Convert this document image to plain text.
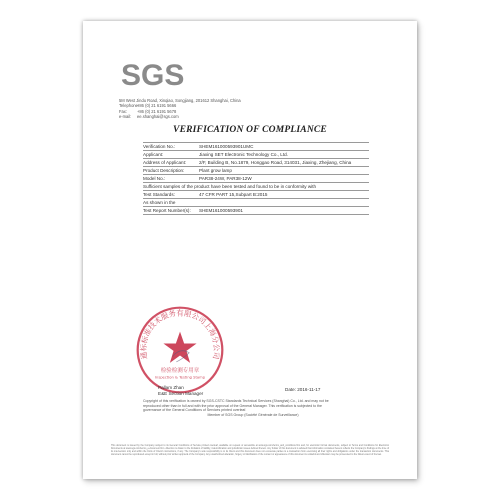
SGS
5M West Jindu Road, Xinqiao, Songjiang, 201612 Shanghai, China
Telephone:+86 (0) 21 6191 5666
Fax: +86 (0) 21 6191 5678
e-mail: ee.shanghai@sgs.com
VERIFICATION OF COMPLIANCE
Verification No.:	SHEM161000593901UMC
Applicant:	Jiaxing SET Electronic Technology Co., Ltd.
Address of Applicant:	2/F, Building B, No.1879, Honggao Road, 314031, Jiaxing, Zhejiang, China
Product Description:	Plant grow lamp
Model No.:	PAR38-24W, PAR38-12W
Sufficient samples of the product have been tested and found to be in conformity with
Test Standards:	47 CFR PART 15,Subpart B:2015
As shown in the
Test Report Number(s): SHEM161000593901
通标标准技术服务有限公司上海分公司
检验检测专用章
Inspection & Testing Stamp
Pallam Zhan
E&E Section Manager
Date: 2016-11-17
Copyright of this verification is owned by SGS-CSTC Standards Technical Services (Shanghai) Co., Ltd. and may not be
reproduced other than in full and with the prior approval of the General Manager. This verification is subjected to the
governance of the General Conditions of Services printed overleaf.
Member of SGS Group (Société Générale de Surveillance)
This document is issued by the Company subject to its General Conditions of Service printed overleaf, available on request or accessible at www.sgs.com/terms_and_conditions.htm and, for electronic format documents, subject to Terms and Conditions for Electronic Documents at www.sgs.com/terms_e-document.htm. Attention is drawn to the limitation of liability, indemnification and jurisdiction issues defined therein. Any holder of this document is advised that information contained hereon reflects the Company's findings at the time of its intervention only and within the limits of Client's instructions, if any. The Company's sole responsibility is to its Client and this document does not exonerate parties to a transaction from exercising all their rights and obligations under the transaction documents. This document cannot be reproduced except in full, without prior written approval of the Company. Any unauthorized alteration, forgery or falsification of the content or appearance of this document is unlawful and offenders may be prosecuted to the fullest extent of the law.
